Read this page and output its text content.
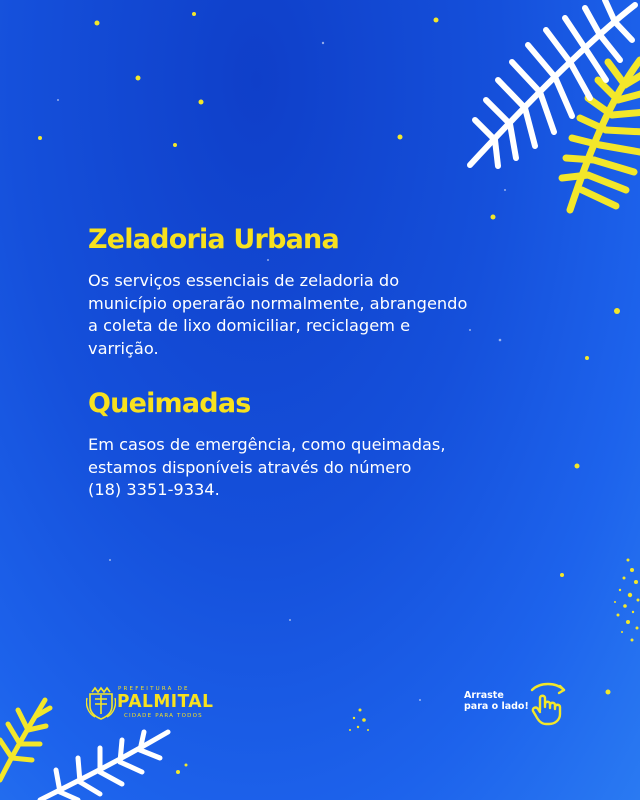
Zeladoria Urbana

Os serviços essenciais de zeladoria do
município operarão normalmente, abrangendo
a coleta de lixo domiciliar, reciclagem e
varrição.

Queimadas

Em casos de emergência, como queimadas,
estamos disponíveis através do número
(18) 3351-9334.

PREFEITURA DE
PALMITAL
CIDADE PARA TODOS
Arraste
para o lado!
